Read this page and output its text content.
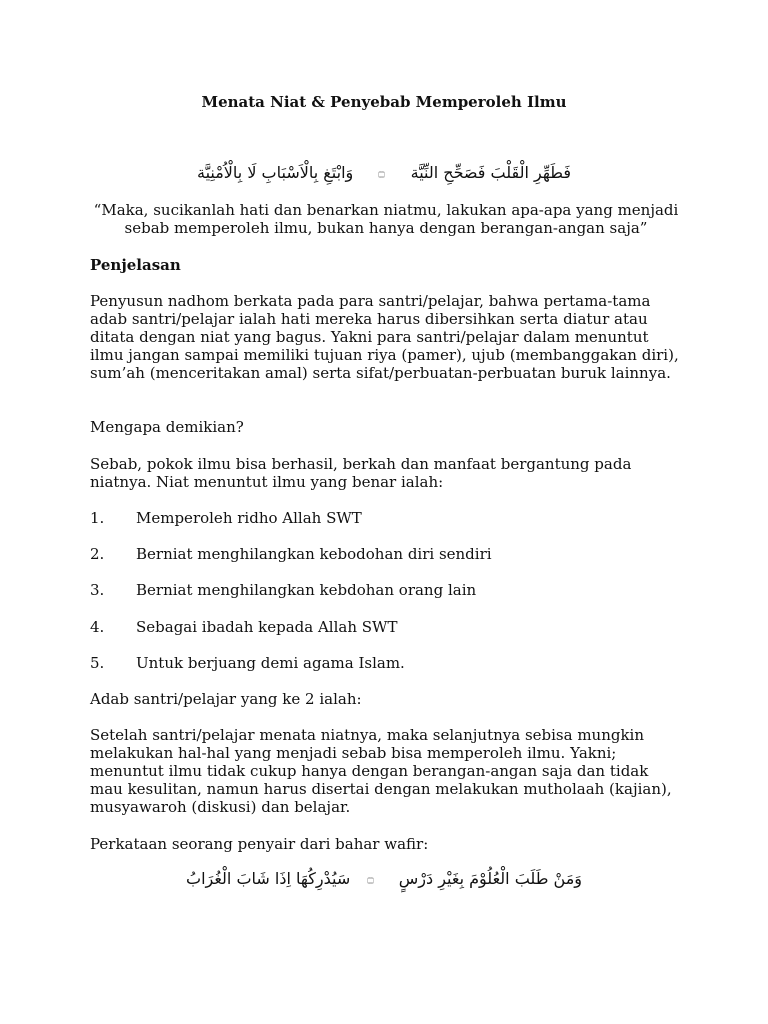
Menata Niat & Penyebab Memperoleh Ilmu
فَطَهِّرِ الْقَلْبَ فَصَحِّحِ النِّيَّة
۝
وَابْتَغِ بِالْاَسْبَابِ لَا بِالْاُمْنِيَّة
“Maka, sucikanlah hati dan benarkan niatmu, lakukan apa-apa yang menjadi sebab memperoleh ilmu, bukan hanya dengan berangan-angan saja”
Penjelasan
Penyusun nadhom berkata pada para santri/pelajar, bahwa pertama-tama adab santri/pelajar ialah hati mereka harus dibersihkan serta diatur atau ditata dengan niat yang bagus. Yakni para santri/pelajar dalam menuntut ilmu jangan sampai memiliki tujuan riya (pamer), ujub (membanggakan diri), sum’ah (menceritakan amal) serta sifat/perbuatan-perbuatan buruk lainnya.
Mengapa demikian?
Sebab, pokok ilmu bisa berhasil, berkah dan manfaat bergantung pada niatnya. Niat menuntut ilmu yang benar ialah:
1. Memperoleh ridho Allah SWT
2. Berniat menghilangkan kebodohan diri sendiri
3. Berniat menghilangkan kebdohan orang lain
4. Sebagai ibadah kepada Allah SWT
5. Untuk berjuang demi agama Islam.
Adab santri/pelajar yang ke 2 ialah:
Setelah santri/pelajar menata niatnya, maka selanjutnya sebisa mungkin melakukan hal-hal yang menjadi sebab bisa memperoleh ilmu. Yakni; menuntut ilmu tidak cukup hanya dengan berangan-angan saja dan tidak mau kesulitan, namun harus disertai dengan melakukan mutholaah (kajian), musyawaroh (diskusi) dan belajar.
Perkataan seorang penyair dari bahar wafir:
وَمَنْ طَلَبَ الْعُلُوْمَ بِغَيْرِ دَرْسٍ
۝
سَيُدْرِكُهَا اِذَا شَابَ الْغُرَابُ
